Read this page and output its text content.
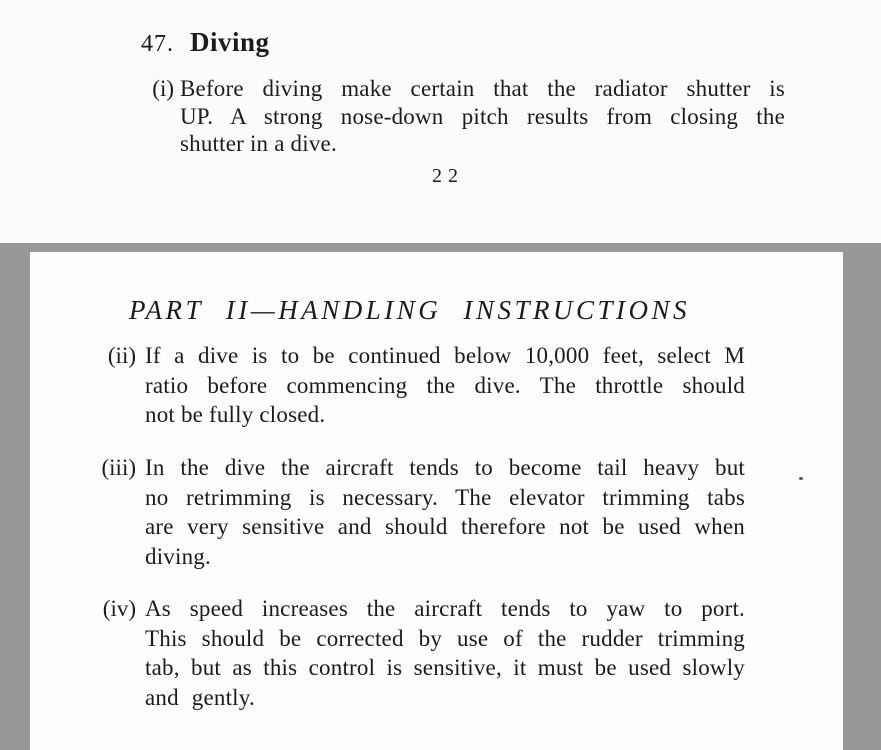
47. Diving
(i) Before diving make certain that the radiator shutter is
UP. A strong nose-down pitch results from closing the
shutter in a dive.
22
PART II—HANDLING INSTRUCTIONS
(ii) If a dive is to be continued below 10,000 feet, select M
ratio before commencing the dive. The throttle should
not be fully closed.
(iii) In the dive the aircraft tends to become tail heavy but
no retrimming is necessary. The elevator trimming tabs
are very sensitive and should therefore not be used when
diving.
(iv) As speed increases the aircraft tends to yaw to port.
This should be corrected by use of the rudder trimming
tab, but as this control is sensitive, it must be used slowly
and gently.
